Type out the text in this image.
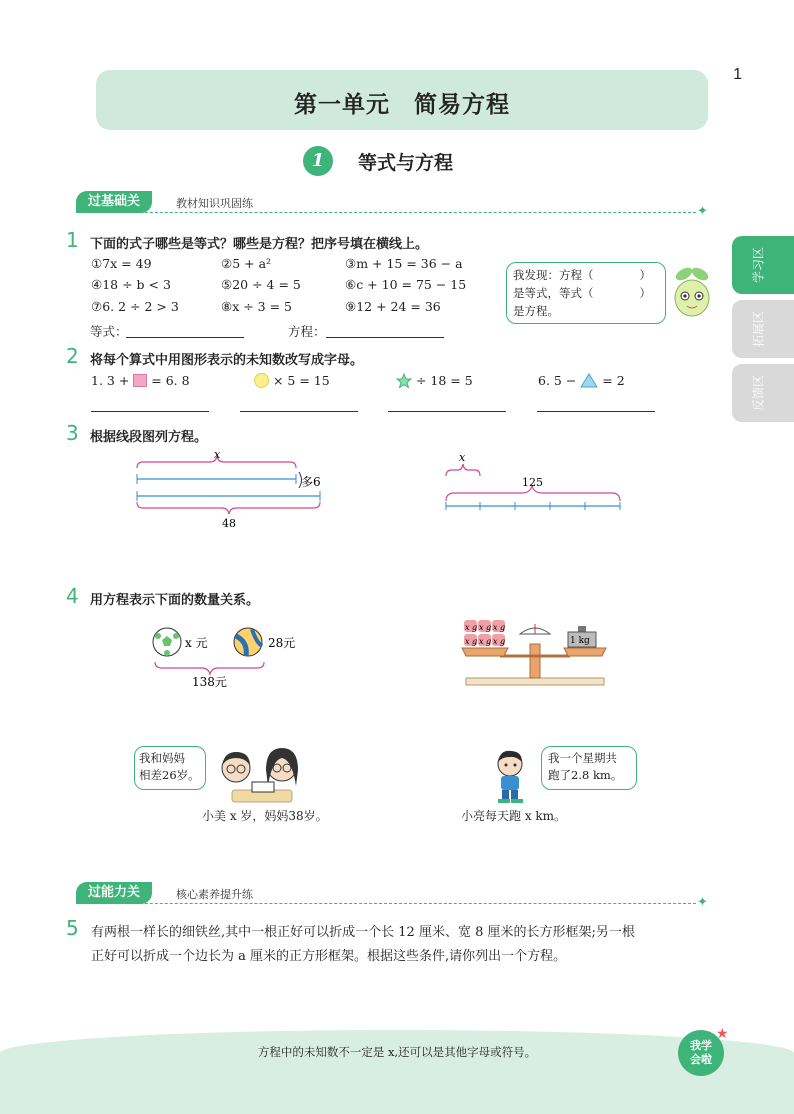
1
第一单元　简易方程
1	等式与方程
学习区
拓展区
反馈区
过基础关	教材知识巩固练
✦
1 下面的式子哪些是等式？哪些是方程？把序号填在横线上。
①7x = 49	②5 + a²	③m + 15 = 36 − a
④18 ÷ b < 3	⑤20 ÷ 4 = 5	⑥c + 10 = 75 − 15
⑦6. 2 ÷ 2 > 3	⑧x ÷ 3 = 5	⑨12 + 24 = 36
等式：	方程：
我发现：方程（　　　　）
是等式，等式（　　　　）
是方程。
2 将每个算式中用图形表示的未知数改写成字母。
1. 3 + = 6. 8	× 5 = 15	÷ 18 = 5	6. 5 − = 2
3 根据线段图列方程。
x
多6
48
x
125
4 用方程表示下面的数量关系。
x 元	28元
138元
x g x g x g
x g x g x g	1 kg
我和妈妈
相差26岁。
小美 x 岁，妈妈38岁。
我一个星期共
跑了2.8 km。
小亮每天跑 x km。
过能力关	核心素养提升练
✦
5 有两根一样长的细铁丝,其中一根正好可以折成一个长 12 厘米、宽 8 厘米的长方形框架;另一根
正好可以折成一个边长为 a 厘米的正方形框架。根据这些条件,请你列出一个方程。
方程中的未知数不一定是 x,还可以是其他字母或符号。	我学
会啦
★
